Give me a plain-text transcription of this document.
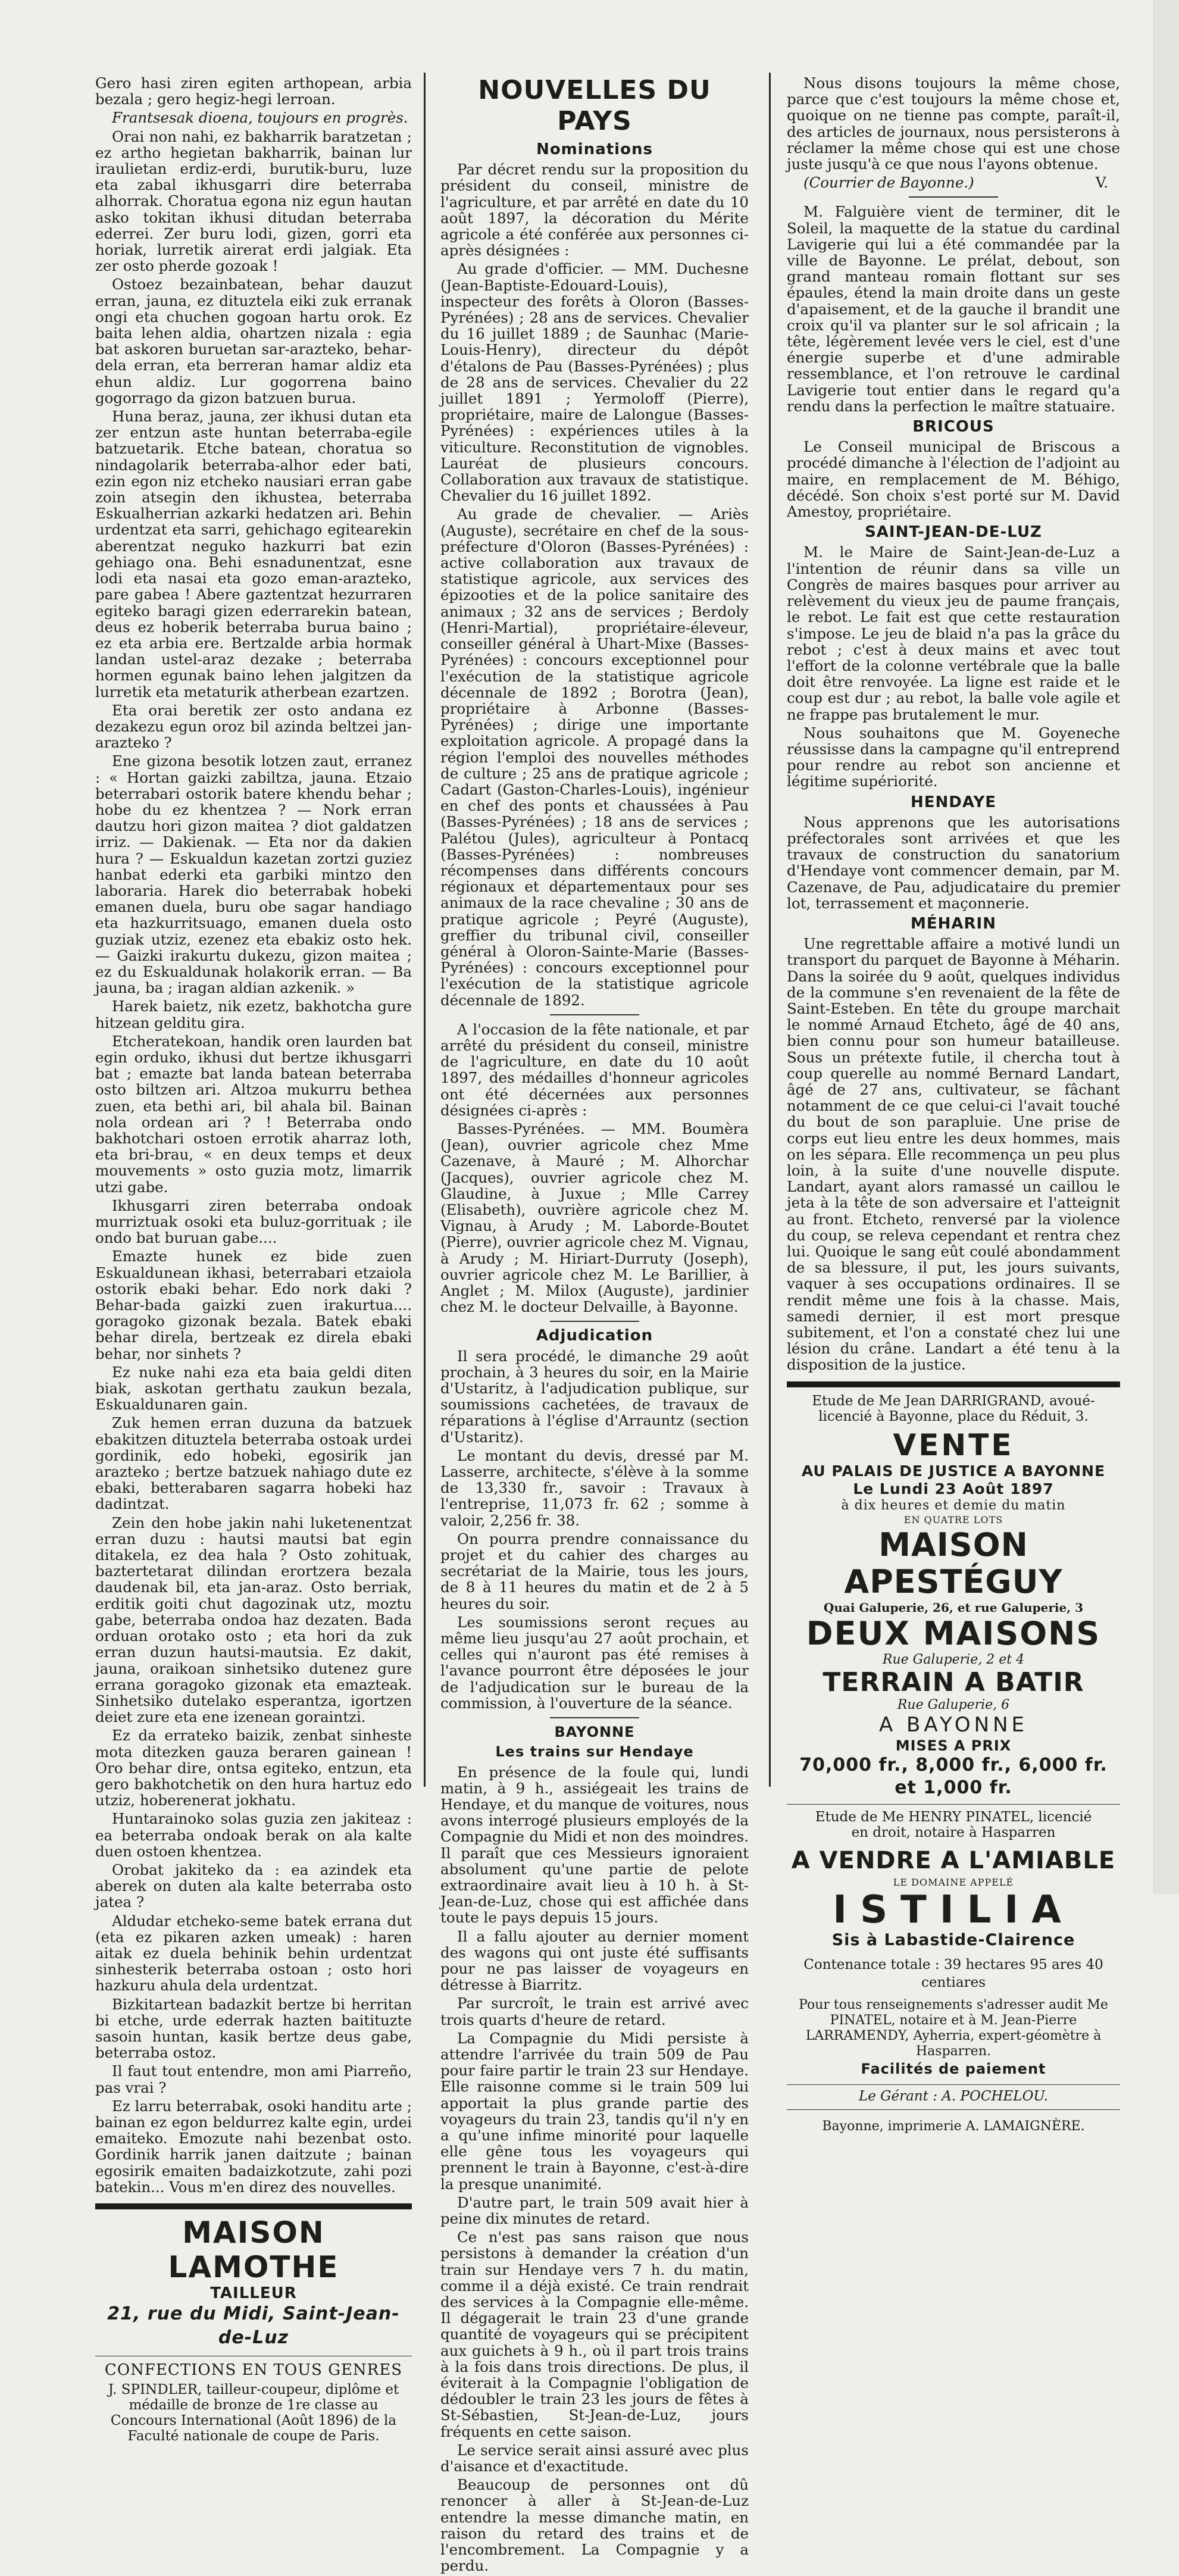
Gero hasi ziren egiten arthopean, arbia bezala ; gero hegiz-hegi lerroan.

Frantsesak dioena, toujours en progrès.

Orai non nahi, ez bakharrik baratzetan ; ez artho hegietan bakharrik, bainan lur iraulietan erdiz-erdi, burutik-buru, luze eta zabal ikhusgarri dire beterraba alhorrak. Choratua egona niz egun hautan asko tokitan ikhusi ditudan beterraba ederrei. Zer buru lodi, gizen, gorri eta horiak, lurretik airerat erdi jalgiak. Eta zer osto pherde gozoak !

Ostoez bezainbatean, behar dauzut erran, jauna, ez dituztela eiki zuk erranak ongi eta chuchen gogoan hartu orok. Ez baita lehen aldia, ohartzen nizala : egia bat askoren buruetan sar-arazteko, behar-dela erran, eta berreran hamar aldiz eta ehun aldiz. Lur gogorrena baino gogorrago da gizon batzuen burua.

Huna beraz, jauna, zer ikhusi dutan eta zer entzun aste huntan beterraba-egile batzuetarik. Etche batean, choratua so nindagolarik beterraba-alhor eder bati, ezin egon niz etcheko nausiari erran gabe zoin atsegin den ikhustea, beterraba Eskualherrian azkarki hedatzen ari. Behin urdentzat eta sarri, gehichago egitearekin aberentzat neguko hazkurri bat ezin gehiago ona. Behi esnadunentzat, esne lodi eta nasai eta gozo eman-arazteko, pare gabea ! Abere gaztentzat hezurraren egiteko baragi gizen ederrarekin batean, deus ez hoberik beterraba burua baino ; ez eta arbia ere. Bertzalde arbia hormak landan ustel-araz dezake ; beterraba hormen egunak baino lehen jalgitzen da lurretik eta metaturik atherbean ezartzen.

Eta orai beretik zer osto andana ez dezakezu egun oroz bil azinda beltzei jan-arazteko ?

Ene gizona besotik lotzen zaut, erranez : « Hortan gaizki zabiltza, jauna. Etzaio beterrabari ostorik batere khendu behar ; hobe du ez khentzea ? — Nork erran dautzu hori gizon maitea ? diot galdatzen irriz. — Dakienak. — Eta nor da dakien hura ? — Eskualdun kazetan zortzi guziez hanbat ederki eta garbiki mintzo den laborariа. Harek dio beterrabak hobeki emanen duela, buru obe sagar handiago eta hazkurritsuago, emanen duela osto guziak utziz, ezenez eta ebakiz osto hek. — Gaizki irakurtu dukezu, gizon maitea ; ez du Eskualdunak holakorik erran. — Ba jauna, ba ; iragan aldian azkenik. »

Harek baietz, nik ezetz, bakhotcha gure hitzean gelditu gira.

Etcheratekoan, handik oren laurden bat egin orduko, ikhusi dut bertze ikhusgarri bat ; emazte bat landa batean beterraba osto biltzen ari. Altzoa mukurru bethea zuen, eta bethi ari, bil ahala bil. Bainan nola ordean ari ? ! Beterraba ondo bakhotchari ostoen errotik aharraz loth, eta bri-brau, « en deux temps et deux mouvements » osto guzia motz, limarrik utzi gabe.

Ikhusgarri ziren beterraba ondoak murriztuak osoki eta buluz-gorrituak ; ile ondo bat buruan gabe....

Emazte hunek ez bide zuen Eskualdunean ikhasi, beterrabari etzaiola ostorik ebaki behar. Edo nork daki ? Behar-bada gaizki zuen irakurtua.... goragoko gizonak bezala. Batek ebaki behar direla, bertzeak ez direla ebaki behar, nor sinhets ?

Ez nuke nahi eza eta baia geldi diten biak, askotan gerthatu zaukun bezala, Eskualdunaren gain.

Zuk hemen erran duzuna da batzuek ebakitzen dituztela beterraba ostoak urdei gordinik, edo hobeki, egosirik jan arazteko ; bertze batzuek nahiago dute ez ebaki, betterabaren sagarra hobeki haz dadintzat.

Zein den hobe jakin nahi luketenentzat erran duzu : hautsi mautsi bat egin ditakela, ez dea hala ? Osto zohituak, baztertetarat dilindan erortzera bezala daudenak bil, eta jan-araz. Osto berriak, erditik goiti chut dagozinak utz, moztu gabe, beterraba ondoa haz dezaten. Bada orduan orotako osto ; eta hori da zuk erran duzun hautsi-mautsia. Ez dakit, jauna, oraikoan sinhetsiko dutenez gure errana goragoko gizonak eta emazteak. Sinhetsiko dutelako esperantza, igortzen deiet zure eta ene izenean goraintzi.

Ez da errateko baizik, zenbat sinheste mota ditezken gauza beraren gainean ! Oro behar dire, ontsa egiteko, entzun, eta gero bakhotchetik on den hura hartuz edo utziz, hoberenerat jokhatu.

Huntarainoko solas guzia zen jakiteaz : ea beterraba ondoak berak on ala kalte duen ostoen khentzea.

Orobat jakiteko da : ea azindek eta aberek on duten ala kalte beterraba osto jatea ?

Aldudar etcheko-seme batek errana dut (eta ez pikaren azken umeak) : haren aitak ez duela behinik behin urdentzat sinhesterik beterraba ostoan ; osto hori hazkuru ahula dela urdentzat.

Bizkitartean badazkit bertze bi herritan bi etche, urde ederrak hazten baitituzte sasoin huntan, kasik bertze deus gabe, beterraba ostoz.

Il faut tout entendre, mon ami Piarreño, pas vrai ?

Ez larru beterrabak, osoki handitu arte ; bainan ez egon beldurrez kalte egin, urdei emaiteko. Emozute nahi bezenbat osto. Gordinik harrik janen daitzute ; bainan egosirik emaiten badaizkotzute, zahi pozi batekin... Vous m'en direz des nouvelles.

MAISON LAMOTHE
TAILLEUR
21, rue du Midi, Saint-Jean-de-Luz
CONFECTIONS EN TOUS GENRES
J. SPINDLER, tailleur-coupeur, diplôme et médaille de bronze de 1re classe au Concours International (Août 1896) de la Faculté nationale de coupe de Paris.
NOUVELLES DU PAYS
Nominations

Par décret rendu sur la proposition du président du conseil, ministre de l'agriculture, et par arrêté en date du 10 août 1897, la décoration du Mérite agricole a été conférée aux personnes ci-après désignées :

Au grade d'officier. — MM. Duchesne (Jean-Baptiste-Edouard-Louis), inspecteur des forêts à Oloron (Basses-Pyrénées) ; 28 ans de services. Chevalier du 16 juillet 1889 ; de Saunhac (Marie-Louis-Henry), directeur du dépôt d'étalons de Pau (Basses-Pyrénées) ; plus de 28 ans de services. Chevalier du 22 juillet 1891 ; Yermoloff (Pierre), propriétaire, maire de Lalongue (Basses-Pyrénées) : expériences utiles à la viticulture. Reconstitution de vignobles. Lauréat de plusieurs concours. Collaboration aux travaux de statistique. Chevalier du 16 juillet 1892.

Au grade de chevalier. — Ariès (Auguste), secrétaire en chef de la sous-préfecture d'Oloron (Basses-Pyrénées) : active collaboration aux travaux de statistique agricole, aux services des épizooties et de la police sanitaire des animaux ; 32 ans de services ; Berdoly (Henri-Martial), propriétaire-éleveur, conseiller général à Uhart-Mixe (Basses-Pyrénées) : concours exceptionnel pour l'exécution de la statistique agricole décennale de 1892 ; Borotra (Jean), propriétaire à Arbonne (Basses-Pyrénées) ; dirige une importante exploitation agricole. A propagé dans la région l'emploi des nouvelles méthodes de culture ; 25 ans de pratique agricole ; Cadart (Gaston-Charles-Louis), ingénieur en chef des ponts et chaussées à Pau (Basses-Pyrénées) ; 18 ans de services ; Palétou (Jules), agriculteur à Pontacq (Basses-Pyrénées) : nombreuses récompenses dans différents concours régionaux et départementaux pour ses animaux de la race chevaline ; 30 ans de pratique agricole ; Peyré (Auguste), greffier du tribunal civil, conseiller général à Oloron-Sainte-Marie (Basses-Pyrénées) : concours exceptionnel pour l'exécution de la statistique agricole décennale de 1892.

A l'occasion de la fête nationale, et par arrêté du président du conseil, ministre de l'agriculture, en date du 10 août 1897, des médailles d'honneur agricoles ont été décernées aux personnes désignées ci-après :

Basses-Pyrénées. — MM. Boumèra (Jean), ouvrier agricole chez Mme Cazenave, à Mauré ; M. Alhorchar (Jacques), ouvrier agricole chez M. Glaudine, à Juxue ; Mlle Carrey (Elisabeth), ouvrière agricole chez M. Vignau, à Arudy ; M. Laborde-Boutet (Pierre), ouvrier agricole chez M. Vignau, à Arudy ; M. Hiriart-Durruty (Joseph), ouvrier agricole chez M. Le Barillier, à Anglet ; M. Milox (Auguste), jardinier chez M. le docteur Delvaille, à Bayonne.

Adjudication

Il sera procédé, le dimanche 29 août prochain, à 3 heures du soir, en la Mairie d'Ustaritz, à l'adjudication publique, sur soumissions cachetées, de travaux de réparations à l'église d'Arrauntz (section d'Ustaritz).

Le montant du devis, dressé par M. Lasserre, architecte, s'élève à la somme de 13,330 fr., savoir : Travaux à l'entreprise, 11,073 fr. 62 ; somme à valoir, 2,256 fr. 38.

On pourra prendre connaissance du projet et du cahier des charges au secrétariat de la Mairie, tous les jours, de 8 à 11 heures du matin et de 2 à 5 heures du soir.

Les soumissions seront reçues au même lieu jusqu'au 27 août prochain, et celles qui n'auront pas été remises à l'avance pourront être déposées le jour de l'adjudication sur le bureau de la commission, à l'ouverture de la séance.

BAYONNE
Les trains sur Hendaye

En présence de la foule qui, lundi matin, à 9 h., assiégeait les trains de Hendaye, et du manque de voitures, nous avons interrogé plusieurs employés de la Compagnie du Midi et non des moindres. Il paraît que ces Messieurs ignoraient absolument qu'une partie de pelote extraordinaire avait lieu à 10 h. à St-Jean-de-Luz, chose qui est affichée dans toute le pays depuis 15 jours.

Il a fallu ajouter au dernier moment des wagons qui ont juste été suffisants pour ne pas laisser de voyageurs en détresse à Biarritz.

Par surcroît, le train est arrivé avec trois quarts d'heure de retard.

La Compagnie du Midi persiste à attendre l'arrivée du train 509 de Pau pour faire partir le train 23 sur Hendaye. Elle raisonne comme si le train 509 lui apportait la plus grande partie des voyageurs du train 23, tandis qu'il n'y en a qu'une infime minorité pour laquelle elle gêne tous les voyageurs qui prennent le train à Bayonne, c'est-à-dire la presque unanimité.

D'autre part, le train 509 avait hier à peine dix minutes de retard.

Ce n'est pas sans raison que nous persistons à demander la création d'un train sur Hendaye vers 7 h. du matin, comme il a déjà existé. Ce train rendrait des services à la Compagnie elle-même. Il dégagerait le train 23 d'une grande quantité de voyageurs qui se précipitent aux guichets à 9 h., où il part trois trains à la fois dans trois directions. De plus, il éviterait à la Compagnie l'obligation de dédoubler le train 23 les jours de fêtes à St-Sébastien, St-Jean-de-Luz, jours fréquents en cette saison.

Le service serait ainsi assuré avec plus d'aisance et d'exactitude.

Beaucoup de personnes ont dû renoncer à aller à St-Jean-de-Luz entendre la messe dimanche matin, en raison du retard des trains et de l'encombrement. La Compagnie y a perdu.

Nous disons toujours la même chose, parce que c'est toujours la même chose et, quoique on ne tienne pas compte, paraît-il, des articles de journaux, nous persisterons à réclamer la même chose qui est une chose juste jusqu'à ce que nous l'ayons obtenue.

(Courrier de Bayonne.)	V.

M. Falguière vient de terminer, dit le Soleil, la maquette de la statue du cardinal Lavigerie qui lui a été commandée par la ville de Bayonne. Le prélat, debout, son grand manteau romain flottant sur ses épaules, étend la main droite dans un geste d'apaisement, et de la gauche il brandit une croix qu'il va planter sur le sol africain ; la tête, légèrement levée vers le ciel, est d'une énergie superbe et d'une admirable ressemblance, et l'on retrouve le cardinal Lavigerie tout entier dans le regard qu'a rendu dans la perfection le maître statuaire.

BRICOUS

Le Conseil municipal de Briscous a procédé dimanche à l'élection de l'adjoint au maire, en remplacement de M. Béhigo, décédé. Son choix s'est porté sur M. David Amestoy, propriétaire.

SAINT-JEAN-DE-LUZ

M. le Maire de Saint-Jean-de-Luz a l'intention de réunir dans sa ville un Congrès de maires basques pour arriver au relèvement du vieux jeu de paume français, le rebot. Le fait est que cette restauration s'impose. Le jeu de blaid n'a pas la grâce du rebot ; c'est à deux mains et avec tout l'effort de la colonne vertébrale que la balle doit être renvoyée. La ligne est raide et le coup est dur ; au rebot, la balle vole agile et ne frappe pas brutalement le mur.

Nous souhaitons que M. Goyeneche réussisse dans la campagne qu'il entreprend pour rendre au rebot son ancienne et légitime supériorité.

HENDAYE

Nous apprenons que les autorisations préfectorales sont arrivées et que les travaux de construction du sanatorium d'Hendaye vont commencer demain, par M. Cazenave, de Pau, adjudicataire du premier lot, terrassement et maçonnerie.

MÉHARIN

Une regrettable affaire a motivé lundi un transport du parquet de Bayonne à Méharin. Dans la soirée du 9 août, quelques individus de la commune s'en revenaient de la fête de Saint-Esteben. En tête du groupe marchait le nommé Arnaud Etcheto, âgé de 40 ans, bien connu pour son humeur batailleuse. Sous un prétexte futile, il chercha tout à coup querelle au nommé Bernard Landart, âgé de 27 ans, cultivateur, se fâchant notamment de ce que celui-ci l'avait touché du bout de son parapluie. Une prise de corps eut lieu entre les deux hommes, mais on les sépara. Elle recommença un peu plus loin, à la suite d'une nouvelle dispute. Landart, ayant alors ramassé un caillou le jeta à la tête de son adversaire et l'atteignit au front. Etcheto, renversé par la violence du coup, se releva cependant et rentra chez lui. Quoique le sang eût coulé abondamment de sa blessure, il put, les jours suivants, vaquer à ses occupations ordinaires. Il se rendit même une fois à la chasse. Mais, samedi dernier, il est mort presque subitement, et l'on a constaté chez lui une lésion du crâne. Landart a été tenu à la disposition de la justice.

Etude de Me Jean DARRIGRAND, avoué-licencié à Bayonne, place du Réduit, 3.
VENTE
AU PALAIS DE JUSTICE A BAYONNE
Le Lundi 23 Août 1897
à dix heures et demie du matin
EN QUATRE LOTS
MAISON APESTÉGUY
Quai Galuperie, 26, et rue Galuperie, 3
DEUX MAISONS
Rue Galuperie, 2 et 4
TERRAIN A BATIR
Rue Galuperie, 6
A BAYONNE
MISES A PRIX
70,000 fr., 8,000 fr., 6,000 fr. et 1,000 fr.
Etude de Me HENRY PINATEL, licencié en droit, notaire à Hasparren
A VENDRE A L'AMIABLE
LE DOMAINE APPELÉ
ISTILIA
Sis à Labastide-Clairence
Contenance totale : 39 hectares 95 ares 40 centiares
Pour tous renseignements s'adresser audit Me PINATEL, notaire et à M. Jean-Pierre LARRAMENDY, Ayherria, expert-géomètre à Hasparren.
Facilités de paiement
Le Gérant : A. POCHELOU.
Bayonne, imprimerie A. LAMAIGNÈRE.
